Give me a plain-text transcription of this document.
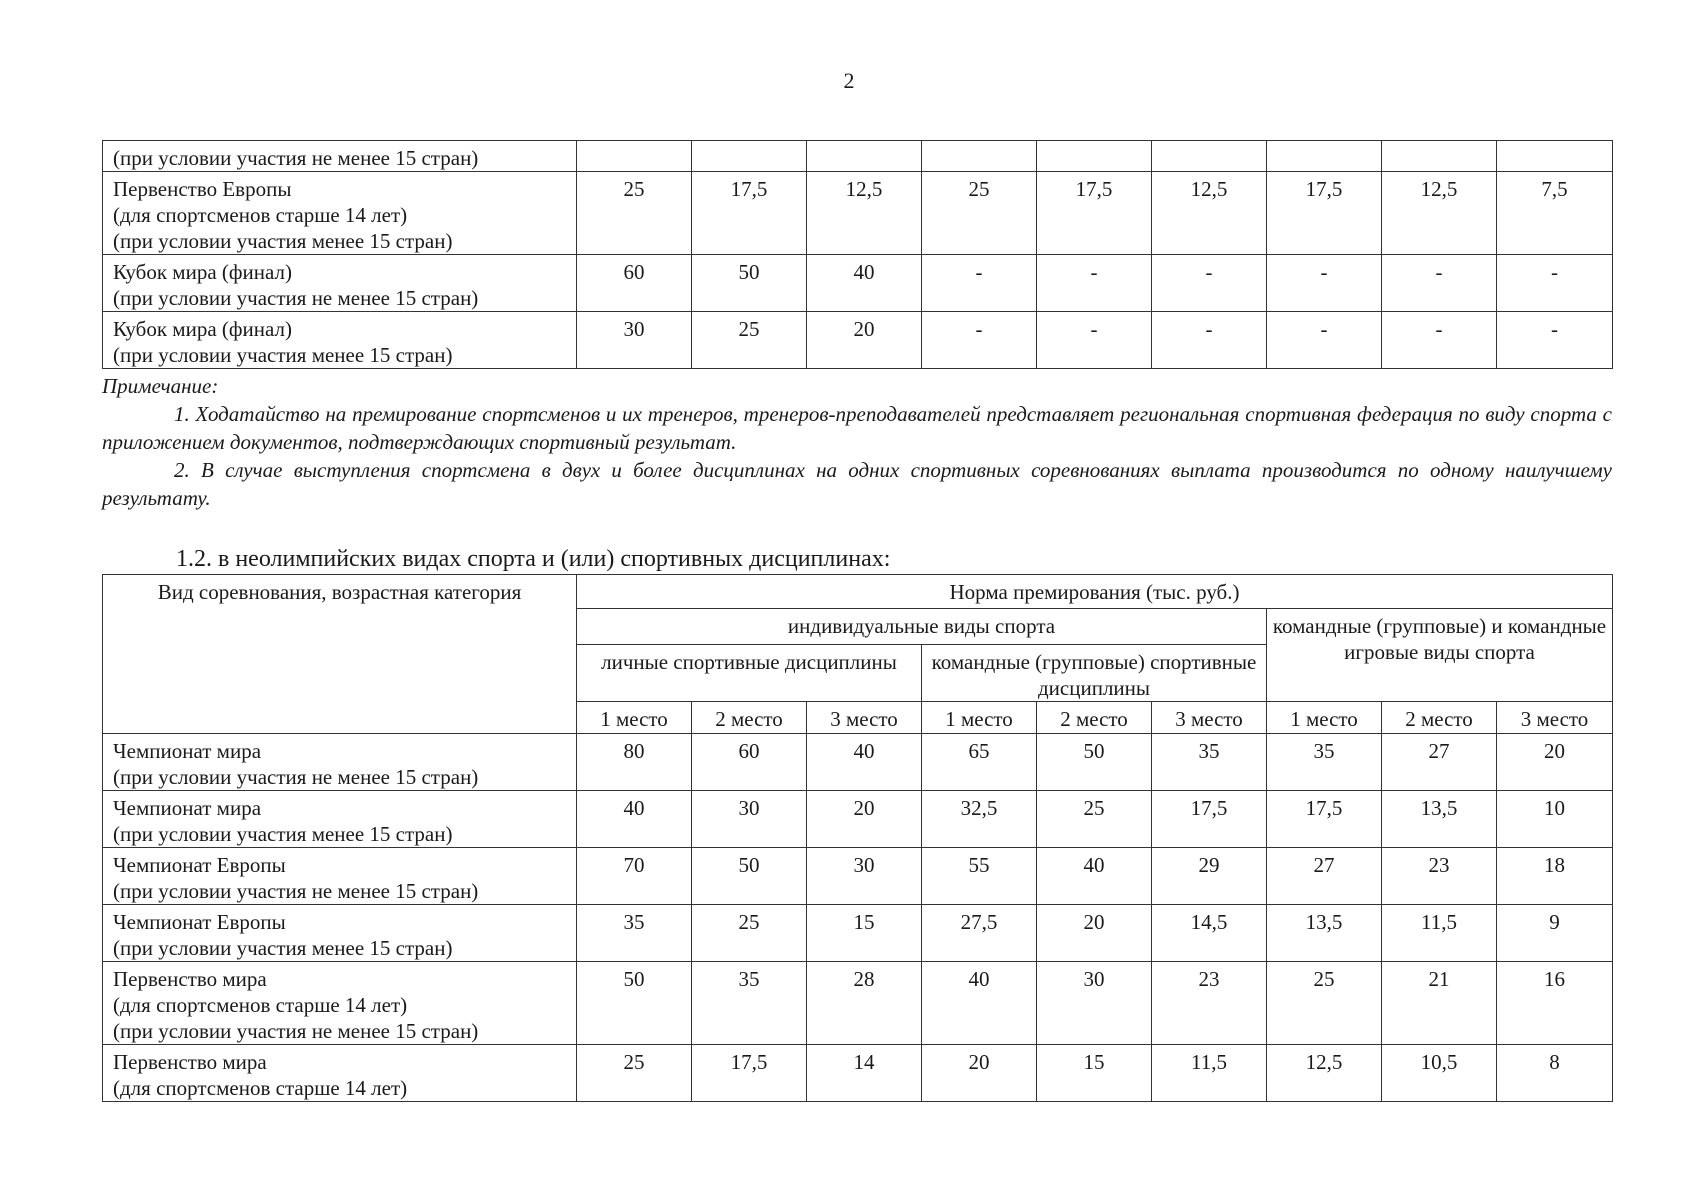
2
(при условии участия не менее 15 стран)									

Первенство Европы
(для спортсменов старше 14 лет)
(при условии участия менее 15 стран)	25	17,5	12,5	25	17,5	12,5	17,5	12,5	7,5

Кубок мира (финал)
(при условии участия не менее 15 стран)	60	50	40	-	-	-	-	-	-

Кубок мира (финал)
(при условии участия менее 15 стран)	30	25	20	-	-	-	-	-	-

Примечание:

1. Ходатайство на премирование спортсменов и их тренеров, тренеров-преподавателей представляет региональная спортивная федерация по виду спорта с приложением документов, подтверждающих спортивный результат.

2. В случае выступления спортсмена в двух и более дисциплинах на одних спортивных соревнованиях выплата производится по одному наилучшему результату.

1.2. в неолимпийских видах спорта и (или) спортивных дисциплинах:
Вид соревнования, возрастная категория	Норма премирования (тыс. руб.)								
	индивидуальные виды спорта						командные (групповые) и командные игровые виды спорта		
	личные спортивные дисциплины			командные (групповые) спортивные дисциплины					
	1 место	2 место	3 место	1 место	2 место	3 место	1 место	2 место	3 место

Чемпионат мира
(при условии участия не менее 15 стран)	80	60	40	65	50	35	35	27	20

Чемпионат мира
(при условии участия менее 15 стран)	40	30	20	32,5	25	17,5	17,5	13,5	10

Чемпионат Европы
(при условии участия не менее 15 стран)	70	50	30	55	40	29	27	23	18

Чемпионат Европы
(при условии участия менее 15 стран)	35	25	15	27,5	20	14,5	13,5	11,5	9

Первенство мира
(для спортсменов старше 14 лет)
(при условии участия не менее 15 стран)	50	35	28	40	30	23	25	21	16

Первенство мира
(для спортсменов старше 14 лет)	25	17,5	14	20	15	11,5	12,5	10,5	8
